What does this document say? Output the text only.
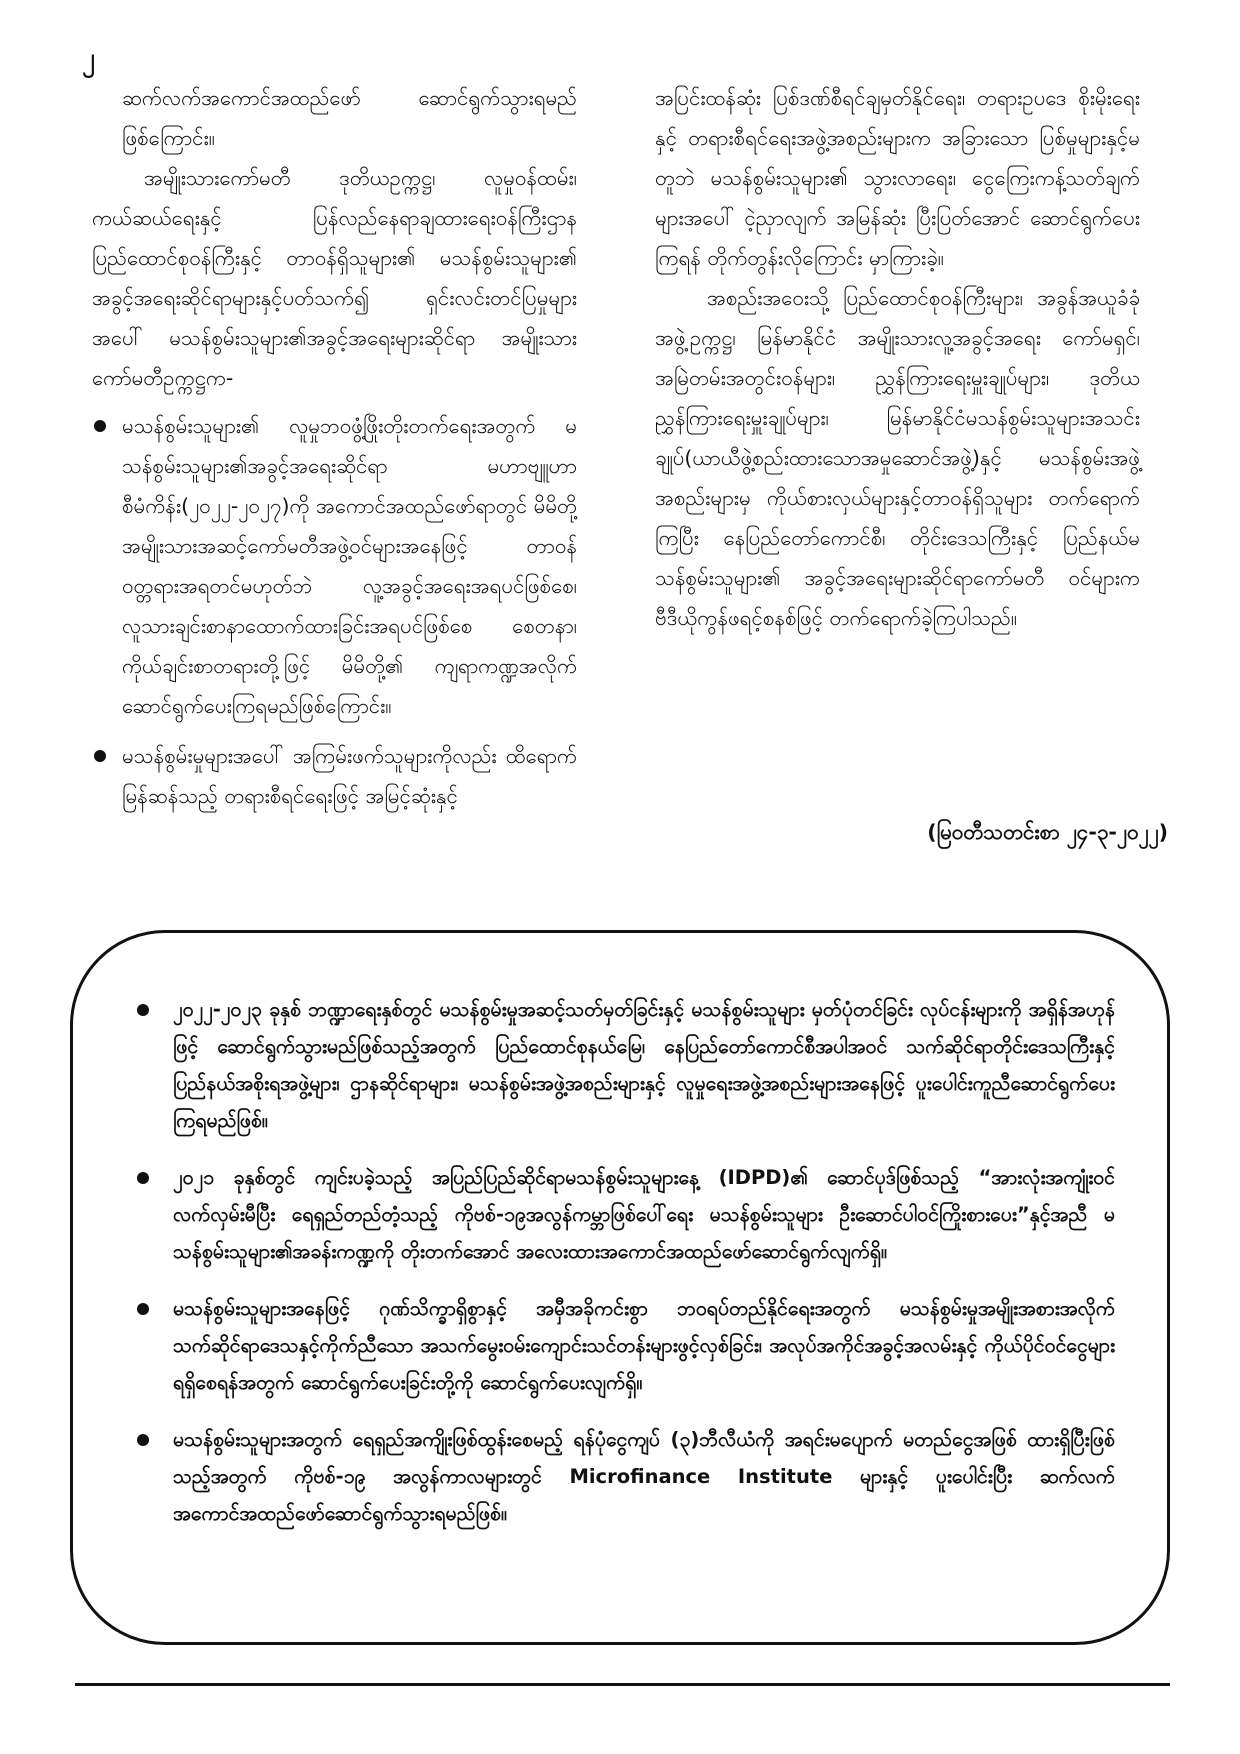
၂

ဆက်လက်အကောင်အထည်ဖော် ဆောင်ရွက်သွားရမည် ဖြစ်ကြောင်း။

အမျိုးသားကော်မတီ ဒုတိယဥက္ကဋ္ဌ၊ လူမှုဝန်ထမ်း၊ ကယ်ဆယ်ရေးနှင့် ပြန်လည်နေရာချထားရေးဝန်ကြီးဌာန ပြည်ထောင်စုဝန်ကြီးနှင့် တာဝန်ရှိသူများ၏ မသန်စွမ်းသူများ၏ အခွင့်အရေးဆိုင်ရာများနှင့်ပတ်သက်၍ ရှင်းလင်းတင်ပြမှုများ အပေါ် မသန်စွမ်းသူများ၏အခွင့်အရေးများဆိုင်ရာ အမျိုးသား ကော်မတီဥက္ကဋ္ဌက-

မသန်စွမ်းသူများ၏ လူမှုဘဝဖွံ့ဖြိုးတိုးတက်ရေးအတွက် မသန်စွမ်းသူများ၏အခွင့်အရေးဆိုင်ရာ မဟာဗျူဟာစီမံကိန်း(၂၀၂၂-၂၀၂၇)ကို အကောင်အထည်ဖော်ရာတွင် မိမိတို့ အမျိုးသားအဆင့်ကော်မတီအဖွဲ့ဝင်များအနေဖြင့် တာဝန်ဝတ္တရားအရတင်မဟုတ်ဘဲ လူ့အခွင့်အရေးအရပင်ဖြစ်စေ၊ လူသားချင်းစာနာထောက်ထားခြင်းအရပင်ဖြစ်စေ စေတနာ၊ ကိုယ်ချင်းစာတရားတို့ဖြင့် မိမိတို့၏ ကျရာကဏ္ဍအလိုက် ဆောင်ရွက်ပေးကြရမည်ဖြစ်ကြောင်း။
မသန်စွမ်းမှုများအပေါ် အကြမ်းဖက်သူများကိုလည်း ထိရောက်မြန်ဆန်သည့် တရားစီရင်ရေးဖြင့် အမြင့်ဆုံးနှင့်

အပြင်းထန်ဆုံး ပြစ်ဒဏ်စီရင်ချမှတ်နိုင်ရေး၊ တရားဥပဒေ စိုးမိုးရေးနှင့် တရားစီရင်ရေးအဖွဲ့အစည်းများက အခြားသော ပြစ်မှုများနှင့်မတူဘဲ မသန်စွမ်းသူများ၏ သွားလာရေး၊ ငွေကြေးကန့်သတ်ချက်များအပေါ် ငဲ့ညှာလျက် အမြန်ဆုံး ပြီးပြတ်အောင် ဆောင်ရွက်ပေးကြရန် တိုက်တွန်းလိုကြောင်း မှာကြားခဲ့။

အစည်းအဝေးသို့ ပြည်ထောင်စုဝန်ကြီးများ၊ အခွန်အယူခံခုံအဖွဲ့ဥက္ကဋ္ဌ၊ မြန်မာနိုင်ငံ အမျိုးသားလူ့အခွင့်အရေး ကော်မရှင်၊ အမြဲတမ်းအတွင်းဝန်များ၊ ညွှန်ကြားရေးမှူးချုပ်များ၊ ဒုတိယညွှန်ကြားရေးမှူးချုပ်များ၊ မြန်မာနိုင်ငံမသန်စွမ်းသူများအသင်းချုပ်(ယာယီဖွဲ့စည်းထားသောအမှုဆောင်အဖွဲ့)နှင့် မသန်စွမ်းအဖွဲ့အစည်းများမှ ကိုယ်စားလှယ်များနှင့်တာဝန်ရှိသူများ တက်ရောက်ကြပြီး နေပြည်တော်ကောင်စီ၊ တိုင်းဒေသကြီးနှင့် ပြည်နယ်မသန်စွမ်းသူများ၏ အခွင့်အရေးများဆိုင်ရာကော်မတီ ဝင်များက ဗီဒီယိုကွန်ဖရင့်စနစ်ဖြင့် တက်ရောက်ခဲ့ကြပါသည်။

(မြဝတီသတင်းစာ ၂၄-၃-၂၀၂၂)
၂၀၂၂-၂၀၂၃ ခုနှစ် ဘဏ္ဍာရေးနှစ်တွင် မသန်စွမ်းမှုအဆင့်သတ်မှတ်ခြင်းနှင့် မသန်စွမ်းသူများ မှတ်ပုံတင်ခြင်း လုပ်ငန်းများကို အရှိန်အဟုန်ဖြင့် ဆောင်ရွက်သွားမည်ဖြစ်သည့်အတွက် ပြည်ထောင်စုနယ်မြေ၊ နေပြည်တော်ကောင်စီအပါအဝင် သက်ဆိုင်ရာတိုင်းဒေသကြီးနှင့် ပြည်နယ်အစိုးရအဖွဲ့များ၊ ဌာနဆိုင်ရာများ၊ မသန်စွမ်းအဖွဲ့အစည်းများနှင့် လူမှုရေးအဖွဲ့အစည်းများအနေဖြင့် ပူးပေါင်းကူညီဆောင်ရွက်ပေးကြရမည်ဖြစ်။
၂၀၂၁ ခုနှစ်တွင် ကျင်းပခဲ့သည့် အပြည်ပြည်ဆိုင်ရာမသန်စွမ်းသူများနေ့ (IDPD)၏ ဆောင်ပုဒ်ဖြစ်သည့် “အားလုံးအကျုံးဝင် လက်လှမ်းမီပြီး ရေရှည်တည်တံ့သည့် ကိုဗစ်-၁၉အလွန်ကမ္ဘာဖြစ်ပေါ်ရေး မသန်စွမ်းသူများ ဦးဆောင်ပါဝင်ကြိုးစားပေး”နှင့်အညီ မသန်စွမ်းသူများ၏အခန်းကဏ္ဍကို တိုးတက်အောင် အလေးထားအကောင်အထည်ဖော်ဆောင်ရွက်လျက်ရှိ။
မသန်စွမ်းသူများအနေဖြင့် ဂုဏ်သိက္ခာရှိစွာနှင့် အမှီအခိုကင်းစွာ ဘဝရပ်တည်နိုင်ရေးအတွက် မသန်စွမ်းမှုအမျိုးအစားအလိုက် သက်ဆိုင်ရာဒေသနှင့်ကိုက်ညီသော အသက်မွေးဝမ်းကျောင်းသင်တန်းများဖွင့်လှစ်ခြင်း၊ အလုပ်အကိုင်အခွင့်အလမ်းနှင့် ကိုယ်ပိုင်ဝင်ငွေများရရှိစေရန်အတွက် ဆောင်ရွက်ပေးခြင်းတို့ကို ဆောင်ရွက်ပေးလျက်ရှိ။
မသန်စွမ်းသူများအတွက် ရေရှည်အကျိုးဖြစ်ထွန်းစေမည့် ရန်ပုံငွေကျပ် (၃)ဘီလီယံကို အရင်းမပျောက် မတည်ငွေအဖြစ် ထားရှိပြီးဖြစ်သည့်အတွက် ကိုဗစ်-၁၉ အလွန်ကာလများတွင် Microfinance Institute များနှင့် ပူးပေါင်းပြီး ဆက်လက်အကောင်အထည်ဖော်ဆောင်ရွက်သွားရမည်ဖြစ်။
